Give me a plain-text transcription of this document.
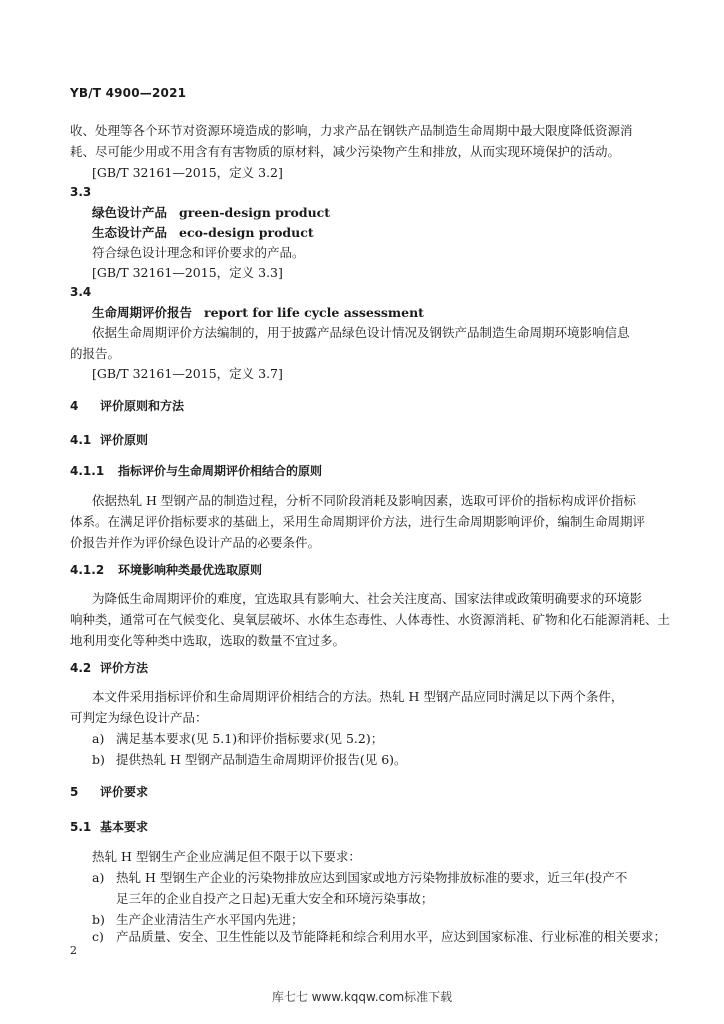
YB/T 4900—2021
收、处理等各个环节对资源环境造成的影响，力求产品在钢铁产品制造生命周期中最大限度降低资源消
耗、尽可能少用或不用含有有害物质的原材料，减少污染物产生和排放，从而实现环境保护的活动。
[GB/T 32161—2015，定义 3.2]
3.3
绿色设计产品 green-design product
生态设计产品 eco-design product
符合绿色设计理念和评价要求的产品。
[GB/T 32161—2015，定义 3.3]
3.4
生命周期评价报告 report for life cycle assessment
依据生命周期评价方法编制的，用于披露产品绿色设计情况及钢铁产品制造生命周期环境影响信息
的报告。
[GB/T 32161—2015，定义 3.7]
4 评价原则和方法
4.1 评价原则
4.1.1 指标评价与生命周期评价相结合的原则
依据热轧 H 型钢产品的制造过程，分析不同阶段消耗及影响因素，选取可评价的指标构成评价指标
体系。在满足评价指标要求的基础上，采用生命周期评价方法，进行生命周期影响评价，编制生命周期评
价报告并作为评价绿色设计产品的必要条件。
4.1.2 环境影响种类最优选取原则
为降低生命周期评价的难度，宜选取具有影响大、社会关注度高、国家法律或政策明确要求的环境影
响种类，通常可在气候变化、臭氧层破坏、水体生态毒性、人体毒性、水资源消耗、矿物和化石能源消耗、土
地利用变化等种类中选取，选取的数量不宜过多。
4.2 评价方法
本文件采用指标评价和生命周期评价相结合的方法。热轧 H 型钢产品应同时满足以下两个条件，
可判定为绿色设计产品：
a) 满足基本要求(见 5.1)和评价指标要求(见 5.2)；
b) 提供热轧 H 型钢产品制造生命周期评价报告(见 6)。
5 评价要求
5.1 基本要求
热轧 H 型钢生产企业应满足但不限于以下要求：
a) 热轧 H 型钢生产企业的污染物排放应达到国家或地方污染物排放标准的要求，近三年(投产不
足三年的企业自投产之日起)无重大安全和环境污染事故；
b) 生产企业清洁生产水平国内先进；
c) 产品质量、安全、卫生性能以及节能降耗和综合利用水平，应达到国家标准、行业标准的相关要求；
2
库七七 www.kqqw.com标准下载
